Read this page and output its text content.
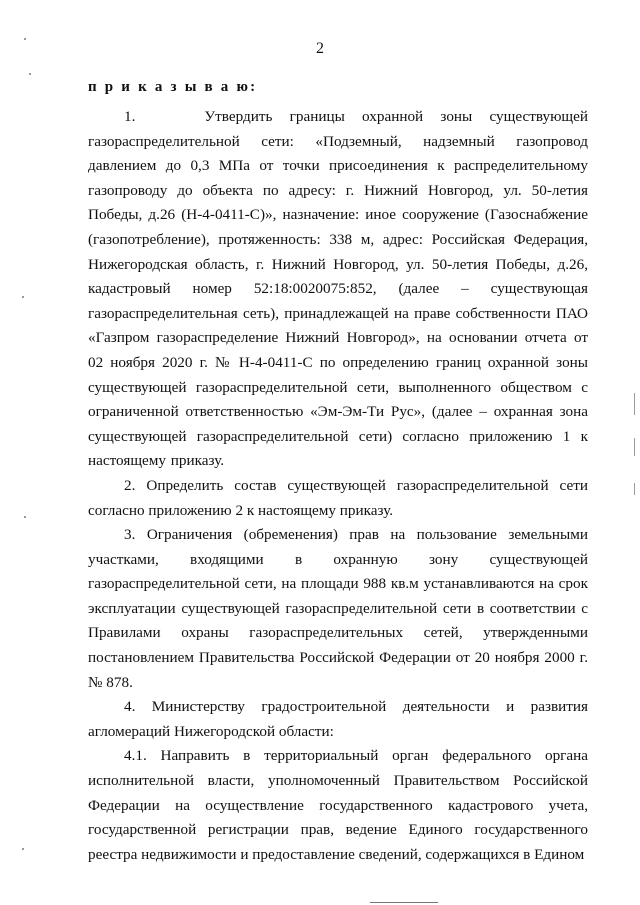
2
п р и к а з ы в а ю:

1.    Утвердить границы охранной зоны существующей газораспределительной сети: «Подземный, надземный газопровод давлением до 0,3 МПа от точки присоединения к распределительному газопроводу до объекта по адресу: г. Нижний Новгород, ул. 50-летия Победы, д.26 (Н-4-0411-С)», назначение: иное сооружение (Газоснабжение (газопотребление), протяженность: 338 м, адрес: Российская Федерация, Нижегородская область, г. Нижний Новгород, ул. 50-летия Победы, д.26, кадастровый номер 52:18:0020075:852, (далее – существующая газораспределительная сеть), принадлежащей на праве собственности ПАО «Газпром газораспределение Нижний Новгород», на основании отчета от 02 ноября 2020 г. № Н-4-0411-С по определению границ охранной зоны существующей газораспределительной сети, выполненного обществом с ограниченной ответственностью «Эм-Эм-Ти Рус», (далее – охранная зона существующей газораспределительной сети) согласно приложению 1 к настоящему приказу.

2. Определить состав существующей газораспределительной сети согласно приложению 2 к настоящему приказу.

3. Ограничения (обременения) прав на пользование земельными участками, входящими в охранную зону существующей газораспределительной сети, на площади 988 кв.м устанавливаются на срок эксплуатации существующей газораспределительной сети в соответствии с Правилами охраны газораспределительных сетей, утвержденными постановлением Правительства Российской Федерации от 20 ноября 2000 г. № 878.

4. Министерству градостроительной деятельности и развития агломераций Нижегородской области:

4.1. Направить в территориальный орган федерального органа исполнительной власти, уполномоченный Правительством Российской Федерации на осуществление государственного кадастрового учета, государственной регистрации прав, ведение Единого государственного реестра недвижимости и предоставление сведений, содержащихся в Едином
